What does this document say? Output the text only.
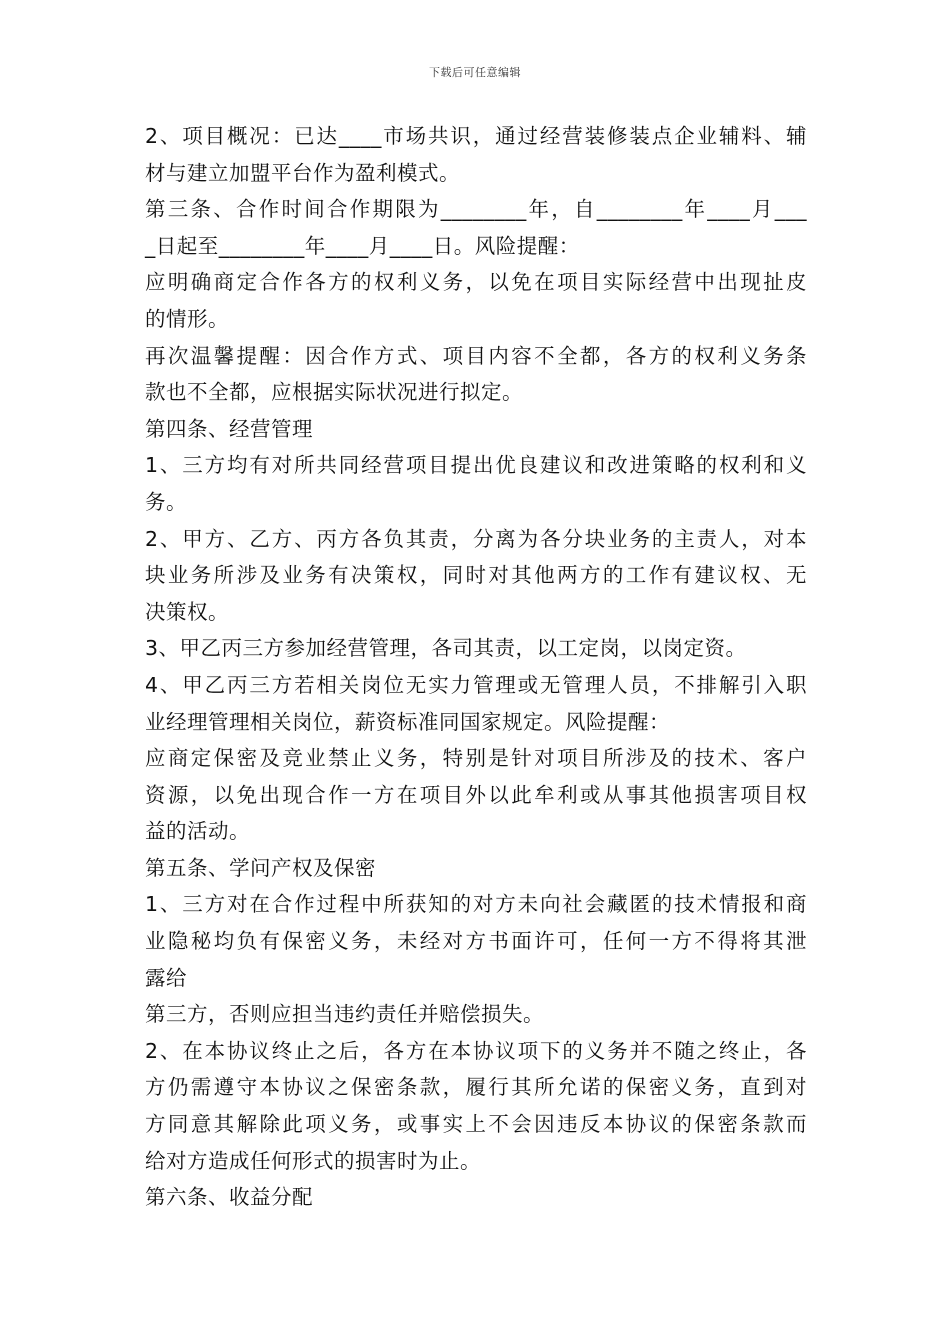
下载后可任意编辑
2、项目概况：已达____市场共识，通过经营装修装点企业辅料、辅
材与建立加盟平台作为盈利模式。
第三条、合作时间合作期限为________年，自________年____月___
_日起至________年____月____日。风险提醒：
应明确商定合作各方的权利义务，以免在项目实际经营中出现扯皮
的情形。
再次温馨提醒：因合作方式、项目内容不全都，各方的权利义务条
款也不全都，应根据实际状况进行拟定。
第四条、经营管理
1、三方均有对所共同经营项目提出优良建议和改进策略的权利和义
务。
2、甲方、乙方、丙方各负其责，分离为各分块业务的主责人，对本
块业务所涉及业务有决策权，同时对其他两方的工作有建议权、无
决策权。
3、甲乙丙三方参加经营管理，各司其责，以工定岗，以岗定资。
4、甲乙丙三方若相关岗位无实力管理或无管理人员，不排解引入职
业经理管理相关岗位，薪资标准同国家规定。风险提醒：
应商定保密及竞业禁止义务，特别是针对项目所涉及的技术、客户
资源，以免出现合作一方在项目外以此牟利或从事其他损害项目权
益的活动。
第五条、学问产权及保密
1、三方对在合作过程中所获知的对方未向社会藏匿的技术情报和商
业隐秘均负有保密义务，未经对方书面许可，任何一方不得将其泄
露给
第三方，否则应担当违约责任并赔偿损失。
2、在本协议终止之后，各方在本协议项下的义务并不随之终止，各
方仍需遵守本协议之保密条款，履行其所允诺的保密义务，直到对
方同意其解除此项义务，或事实上不会因违反本协议的保密条款而
给对方造成任何形式的损害时为止。
第六条、收益分配
